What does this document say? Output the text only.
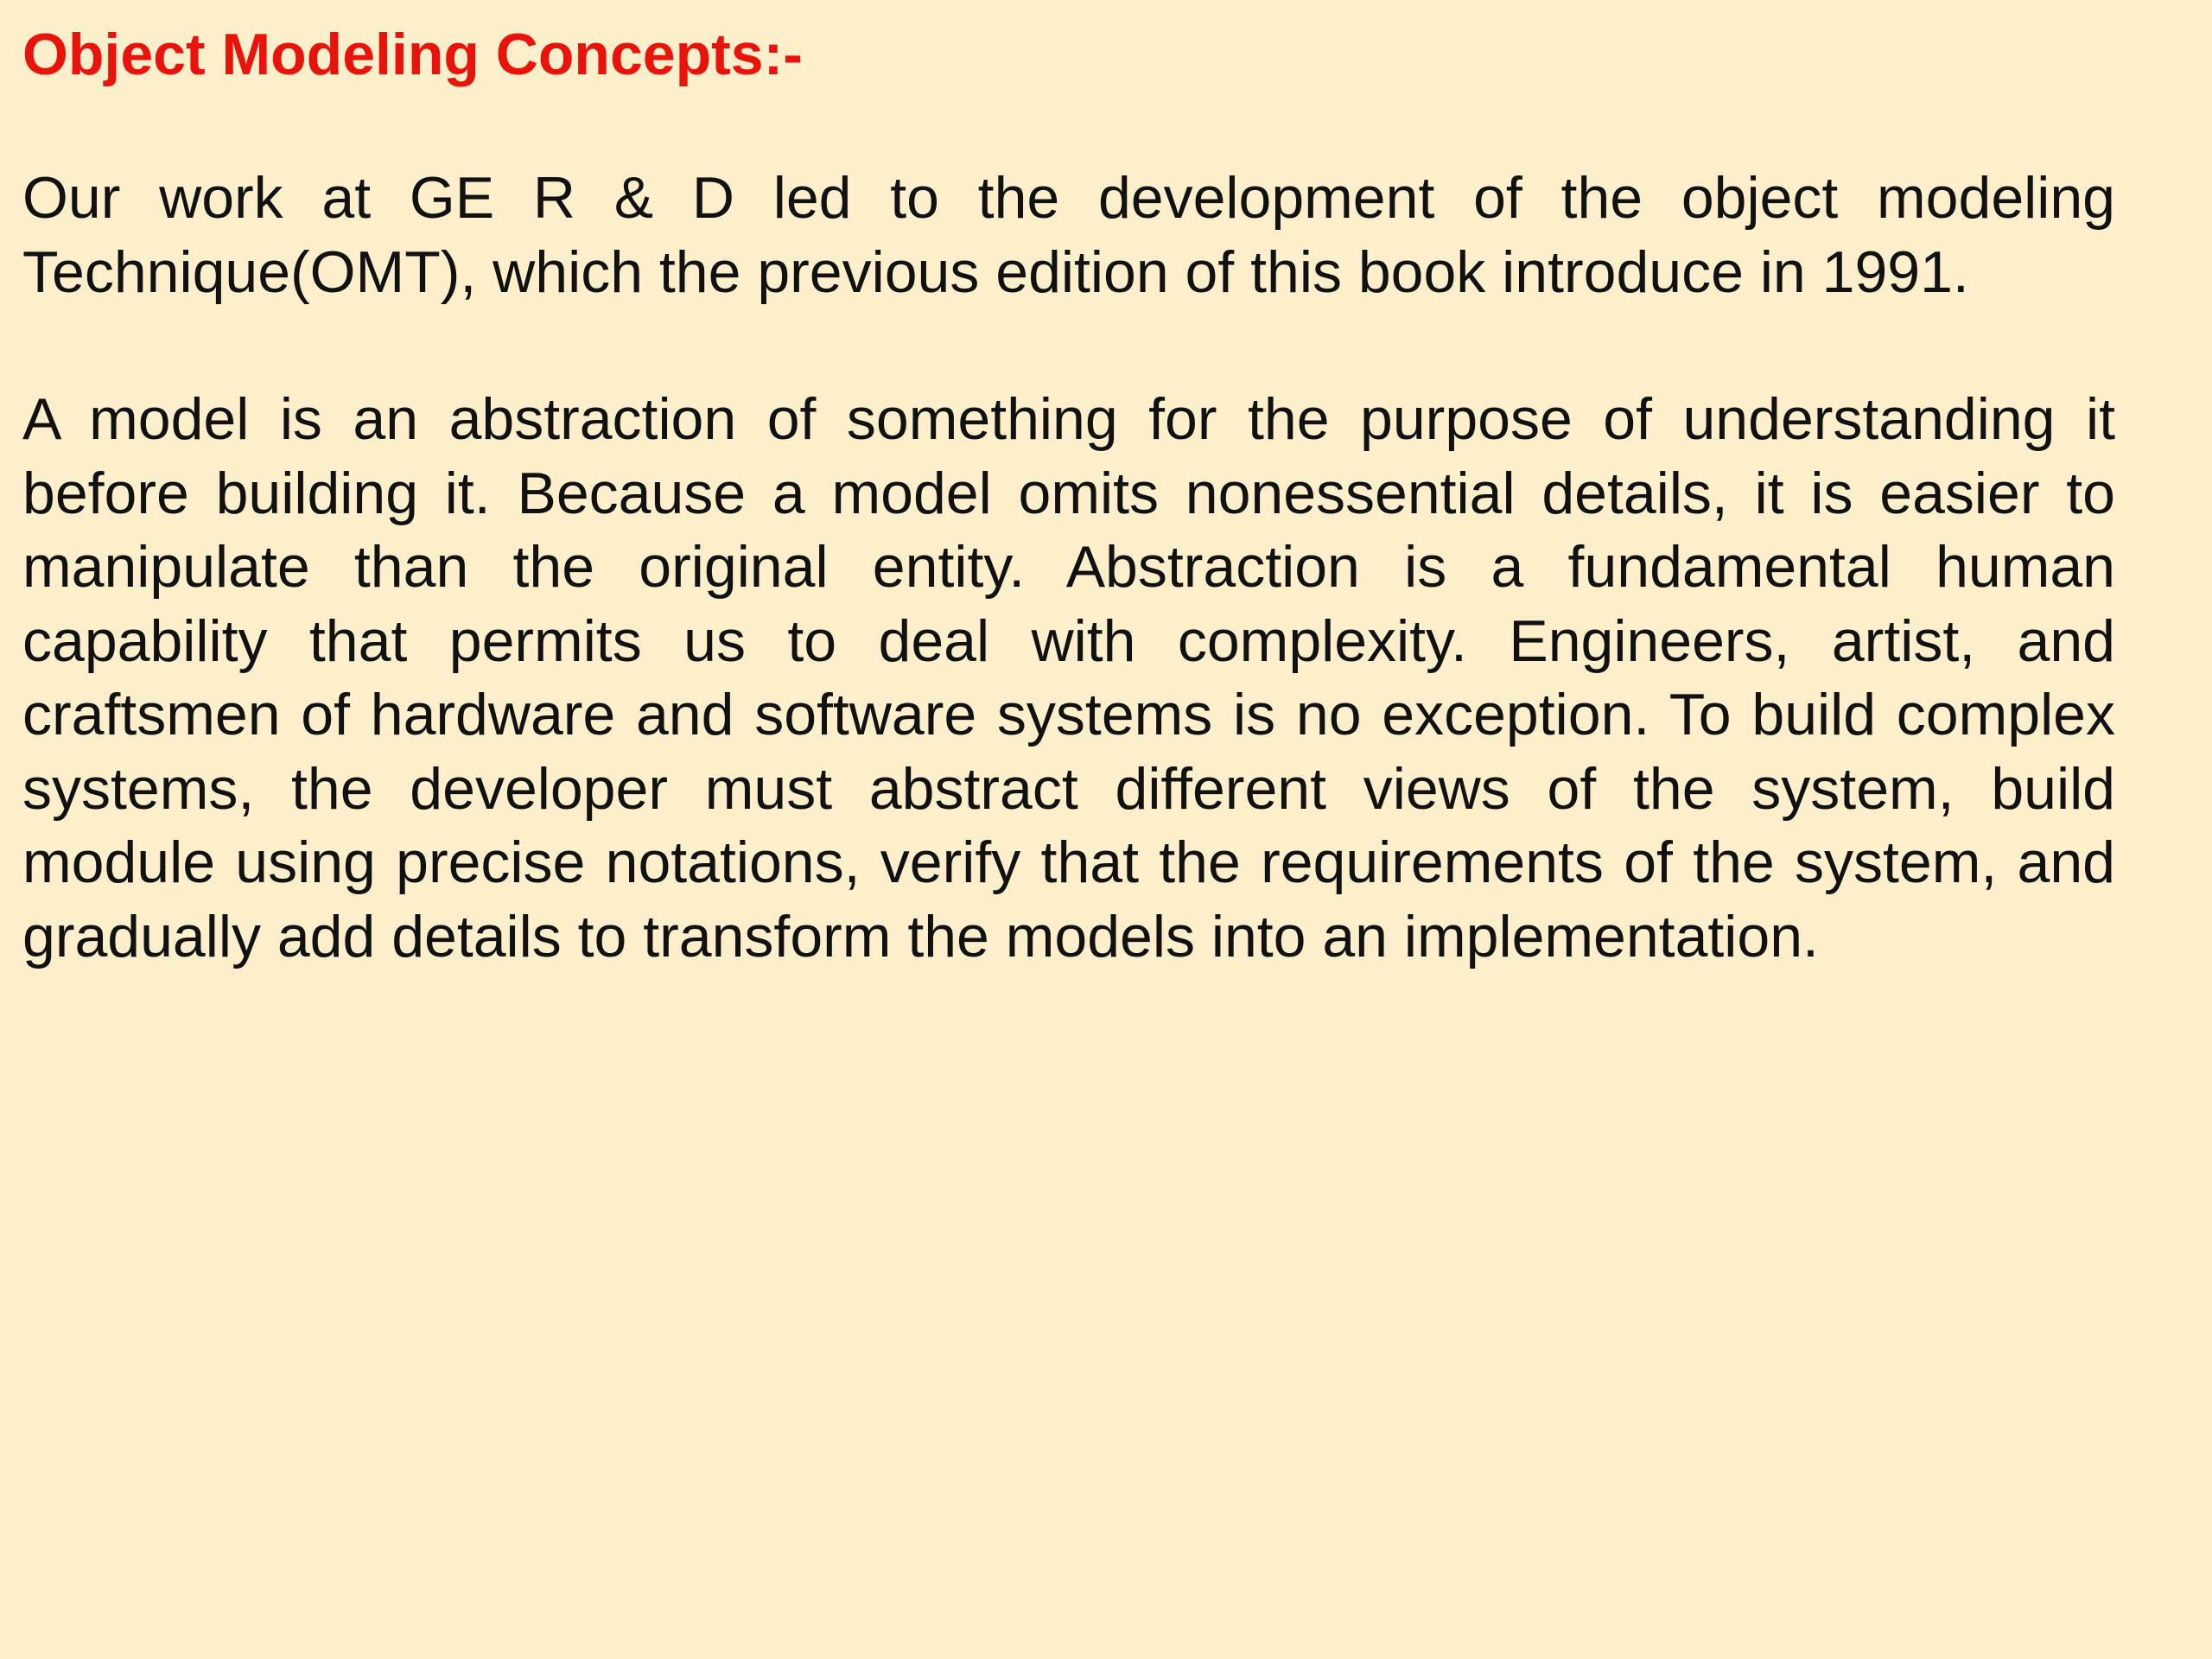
Object Modeling Concepts:-

Our work at GE R & D led to the development of the object modeling Technique(OMT), which the previous edition of this book introduce in 1991.

A model is an abstraction of something for the purpose of understanding it before building it. Because a model omits nonessential details, it is easier to manipulate than the original entity. Abstraction is a fundamental human capability that permits us to deal with complexity. Engineers, artist, and craftsmen of hardware and software systems is no exception. To build complex systems, the developer must abstract different views of the system, build module using precise notations, verify that the requirements of the system, and gradually add details to transform the models into an implementation.
